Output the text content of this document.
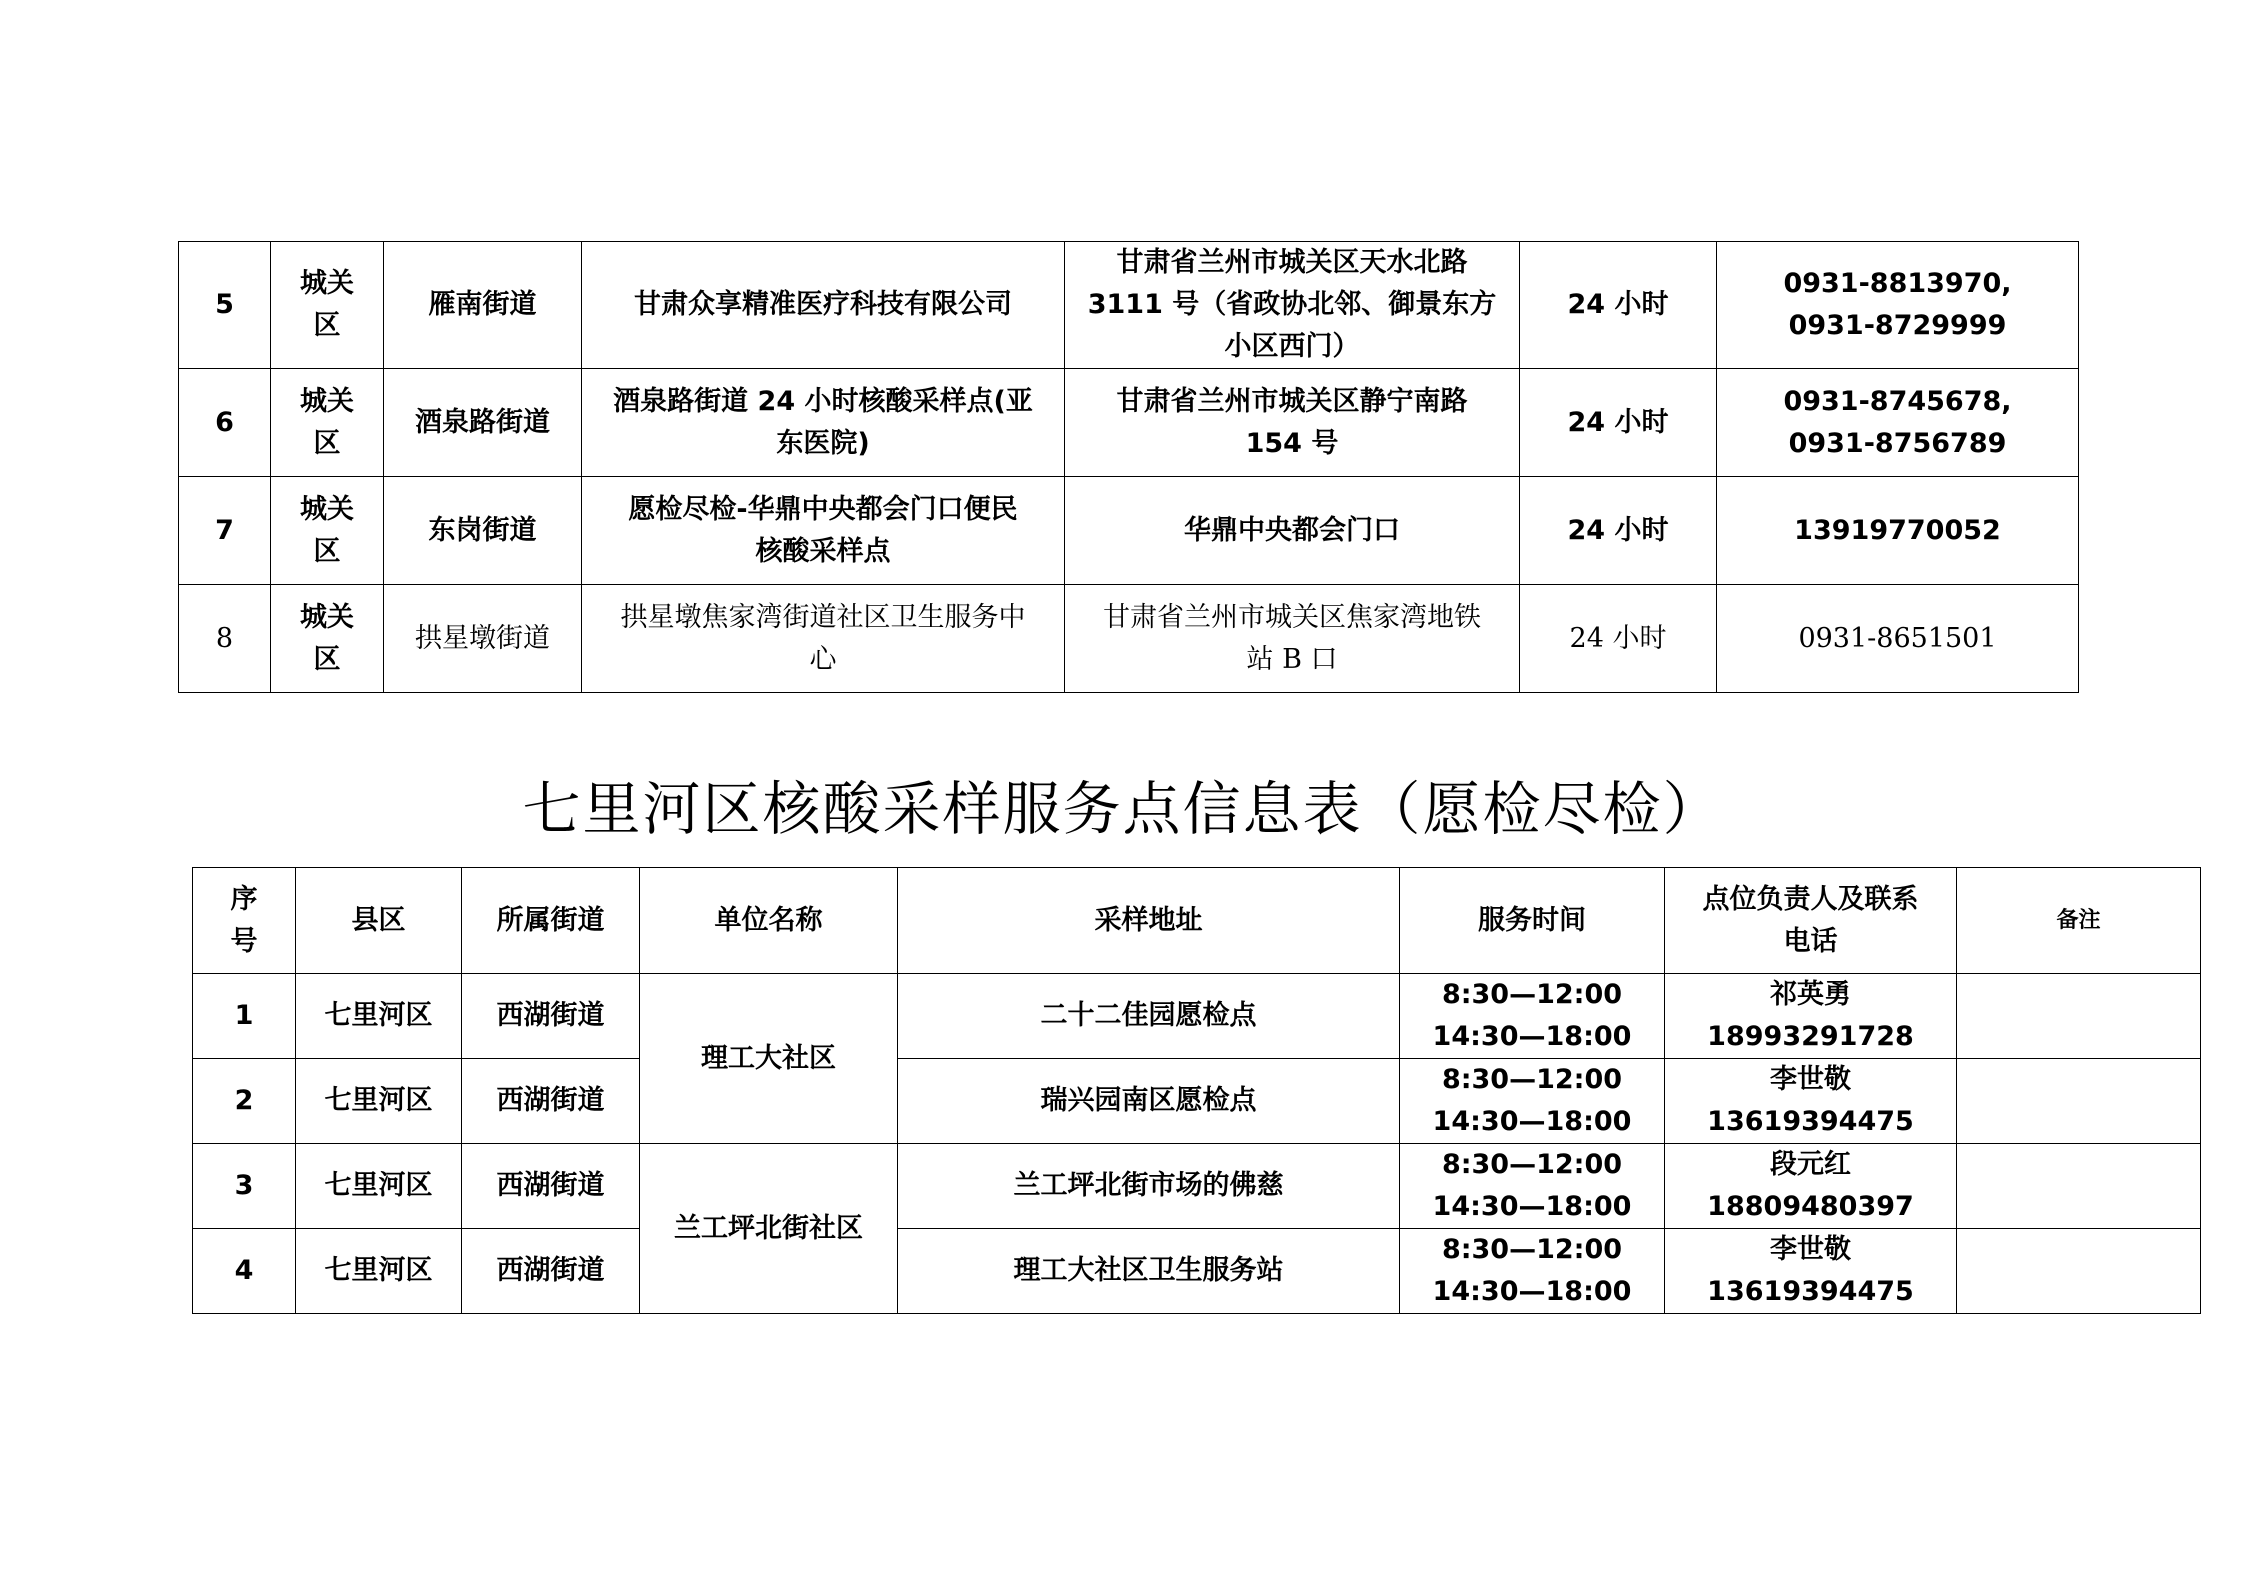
5	城关
区	雁南街道	甘肃众享精准医疗科技有限公司	甘肃省兰州市城关区天水北路
3111 号（省政协北邻、御景东方
小区西门）	24 小时	0931-8813970,
0931-8729999
6	城关
区	酒泉路街道	酒泉路街道 24 小时核酸采样点(亚
东医院)	甘肃省兰州市城关区静宁南路
154 号	24 小时	0931-8745678,
0931-8756789
7	城关
区	东岗街道	愿检尽检-华鼎中央都会门口便民
核酸采样点	华鼎中央都会门口	24 小时	13919770052
8	城关
区	拱星墩街道	拱星墩焦家湾街道社区卫生服务中
心	甘肃省兰州市城关区焦家湾地铁
站 B 口	24 小时	0931-8651501
七里河区核酸采样服务点信息表（愿检尽检）
序
号	县区	所属街道	单位名称	采样地址	服务时间	点位负责人及联系
电话	备注
1	七里河区	西湖街道	理工大社区	二十二佳园愿检点	8:30—12:00
14:30—18:00	祁英勇
18993291728	
2	七里河区	西湖街道		瑞兴园南区愿检点	8:30—12:00
14:30—18:00	李世敬
13619394475	
3	七里河区	西湖街道	兰工坪北街社区	兰工坪北街市场的佛慈	8:30—12:00
14:30—18:00	段元红
18809480397	
4	七里河区	西湖街道		理工大社区卫生服务站	8:30—12:00
14:30—18:00	李世敬
13619394475	
